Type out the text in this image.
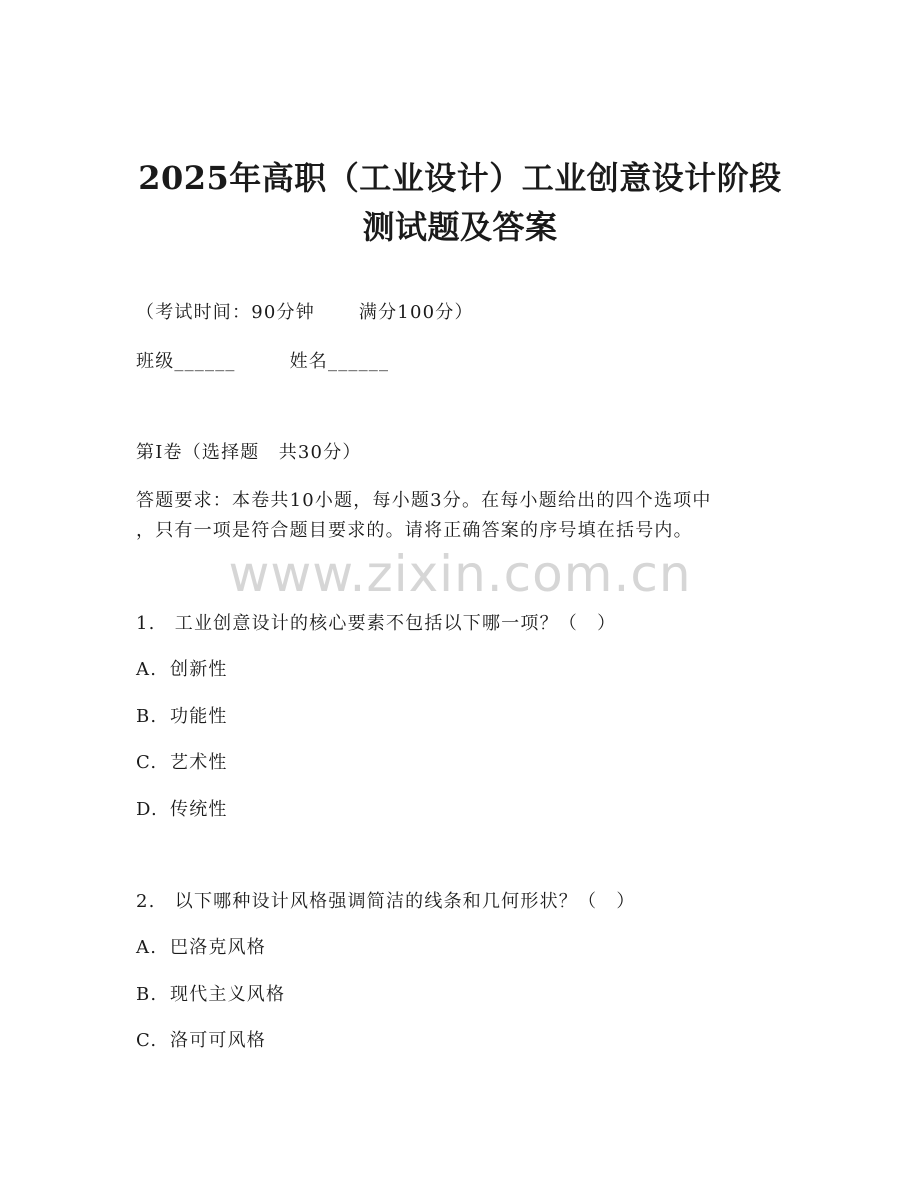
2025年高职（工业设计）工业创意设计阶段
测试题及答案
（考试时间：90分钟 满分100分）
班级______	姓名______
第I卷（选择题　共30分）
答题要求：本卷共10小题，每小题3分。在每小题给出的四个选项中
，只有一项是符合题目要求的。请将正确答案的序号填在括号内。
www.zixin.com.cn
1.　工业创意设计的核心要素不包括以下哪一项？（　）
A. 创新性
B. 功能性
C. 艺术性
D. 传统性
2.　以下哪种设计风格强调简洁的线条和几何形状？（　）
A. 巴洛克风格
B. 现代主义风格
C. 洛可可风格
